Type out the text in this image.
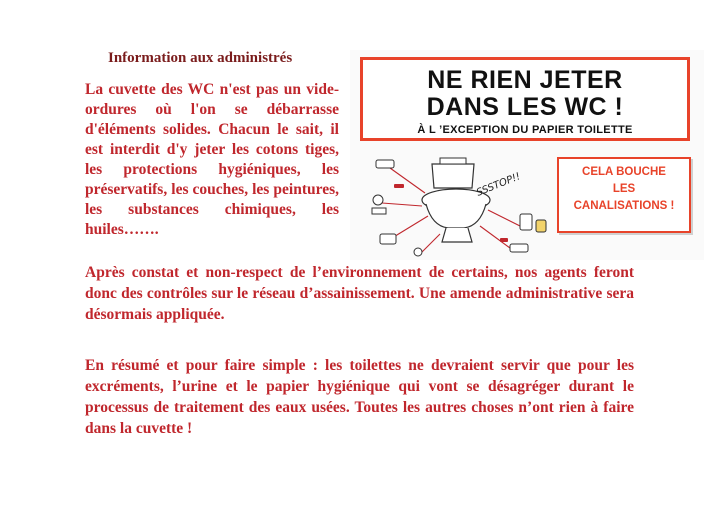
Information aux administrés

La cuvette des WC n'est pas un vide-ordures où l'on se débarrasse d'éléments solides. Chacun le sait, il est interdit d'y jeter les cotons tiges, les protections hygiéniques, les préservatifs, les couches, les peintures, les substances chimiques, les huiles…….

Après constat et non-respect de l’environnement de certains, nos agents feront donc des contrôles sur le réseau d’assainissement. Une amende administrative sera désormais appliquée.

En résumé et pour faire simple : les toilettes ne devraient servir que pour les excréments, l’urine et le papier hygiénique qui vont se désagréger durant le processus de traitement des eaux usées. Toutes les autres choses n’ont rien à faire dans la cuvette !

NE RIEN JETER
DANS LES WC !
À L ’EXCEPTION DU PAPIER TOILETTE
SSSTOP!!	CELA BOUCHE
LES
CANALISATIONS !
